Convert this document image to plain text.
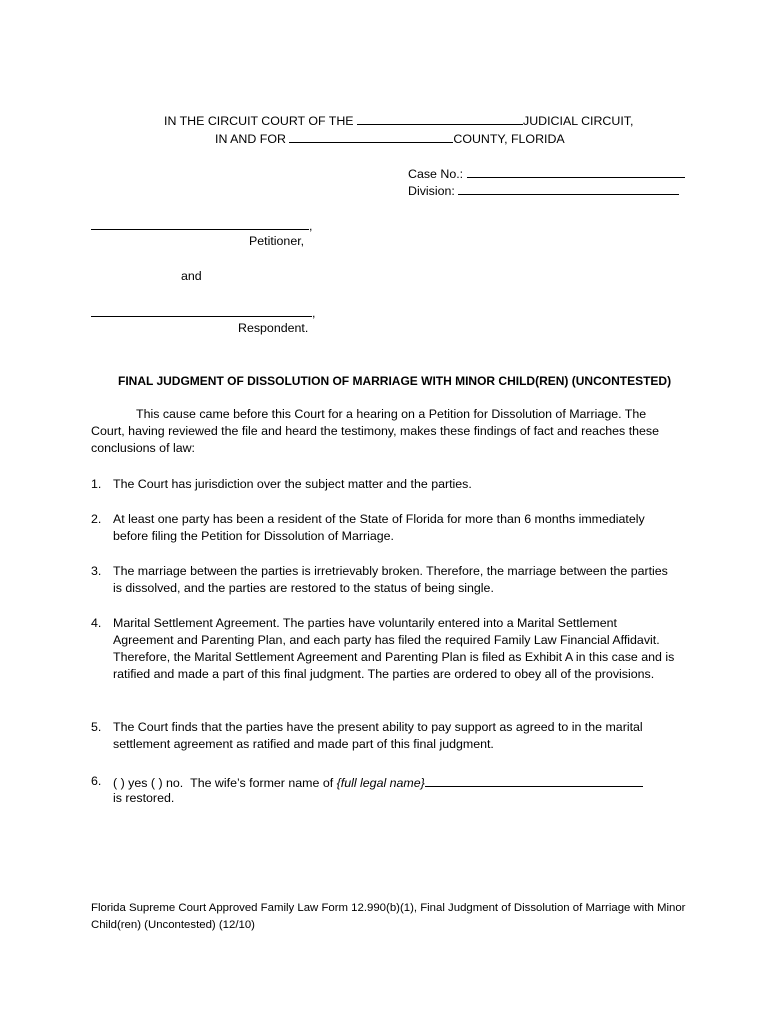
IN THE CIRCUIT COURT OF THE	JUDICIAL CIRCUIT,
IN AND FOR	COUNTY, FLORIDA
Case No.:
Division:
,
Petitioner,
and
,
Respondent.
FINAL JUDGMENT OF DISSOLUTION OF MARRIAGE WITH MINOR CHILD(REN) (UNCONTESTED)
This cause came before this Court for a hearing on a Petition for Dissolution of Marriage. The Court, having reviewed the file and heard the testimony, makes these findings of fact and reaches these conclusions of law:
1. The Court has jurisdiction over the subject matter and the parties.
2. At least one party has been a resident of the State of Florida for more than 6 months immediately before filing the Petition for Dissolution of Marriage.
3. The marriage between the parties is irretrievably broken. Therefore, the marriage between the parties is dissolved, and the parties are restored to the status of being single.
4. Marital Settlement Agreement. The parties have voluntarily entered into a Marital Settlement Agreement and Parenting Plan, and each party has filed the required Family Law Financial Affidavit. Therefore, the Marital Settlement Agreement and Parenting Plan is filed as Exhibit A in this case and is ratified and made a part of this final judgment. The parties are ordered to obey all of the provisions.
5. The Court finds that the parties have the present ability to pay support as agreed to in the marital settlement agreement as ratified and made part of this final judgment.
6. ( ) yes ( ) no. The wife’s former name of {full legal name}
is restored.
Florida Supreme Court Approved Family Law Form 12.990(b)(1), Final Judgment of Dissolution of Marriage with Minor Child(ren) (Uncontested) (12/10)
